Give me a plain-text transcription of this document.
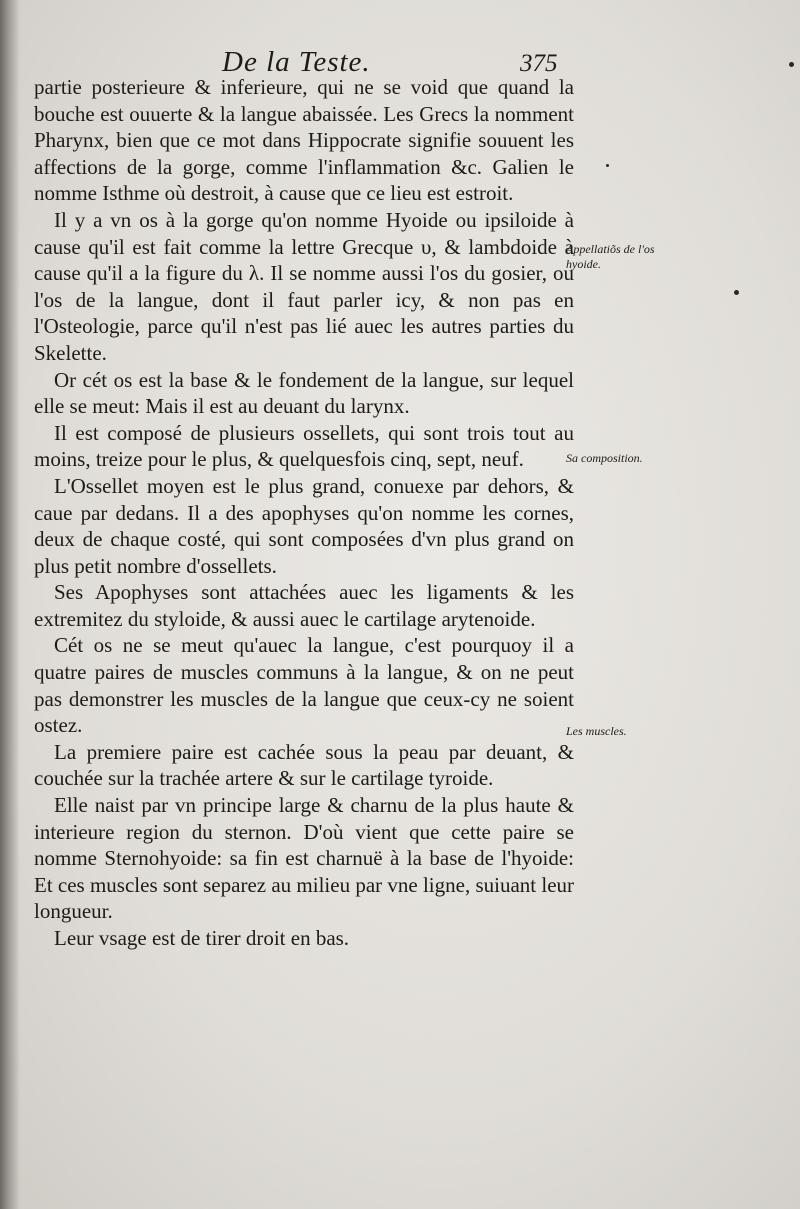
De la Teste.	375

partie posterieure & inferieure, qui ne se void que quand la bouche est ouuerte & la langue abaissée. Les Grecs la nomment Pharynx, bien que ce mot dans Hippocrate signifie souuent les affections de la gorge, comme l'inflammation &c. Galien le nomme Isthme où destroit, à cause que ce lieu est estroit.

Il y a vn os à la gorge qu'on nomme Hyoide ou ipsiloide à cause qu'il est fait comme la lettre Grecque υ, & lambdoide à cause qu'il a la figure du λ. Il se nomme aussi l'os du gosier, ou l'os de la langue, dont il faut parler icy, & non pas en l'Osteologie, parce qu'il n'est pas lié auec les autres parties du Skelette.

Or cét os est la base & le fondement de la langue, sur lequel elle se meut: Mais il est au deuant du larynx.

Il est composé de plusieurs ossellets, qui sont trois tout au moins, treize pour le plus, & quelquesfois cinq, sept, neuf.

L'Ossellet moyen est le plus grand, conuexe par dehors, & caue par dedans. Il a des apophyses qu'on nomme les cornes, deux de chaque costé, qui sont composées d'vn plus grand on plus petit nombre d'ossellets.

Ses Apophyses sont attachées auec les ligaments & les extremitez du styloide, & aussi auec le cartilage arytenoide.

Cét os ne se meut qu'auec la langue, c'est pourquoy il a quatre paires de muscles communs à la langue, & on ne peut pas demonstrer les muscles de la langue que ceux-cy ne soient ostez.

La premiere paire est cachée sous la peau par deuant, & couchée sur la trachée artere & sur le cartilage tyroide.

Elle naist par vn principe large & charnu de la plus haute & interieure region du sternon. D'où vient que cette paire se nomme Sternohyoide: sa fin est charnuë à la base de l'hyoide: Et ces muscles sont separez au milieu par vne ligne, suiuant leur longueur.

Leur vsage est de tirer droit en bas.

Appellatiõs de l'os hyoide.
Sa composition.
Les muscles.
